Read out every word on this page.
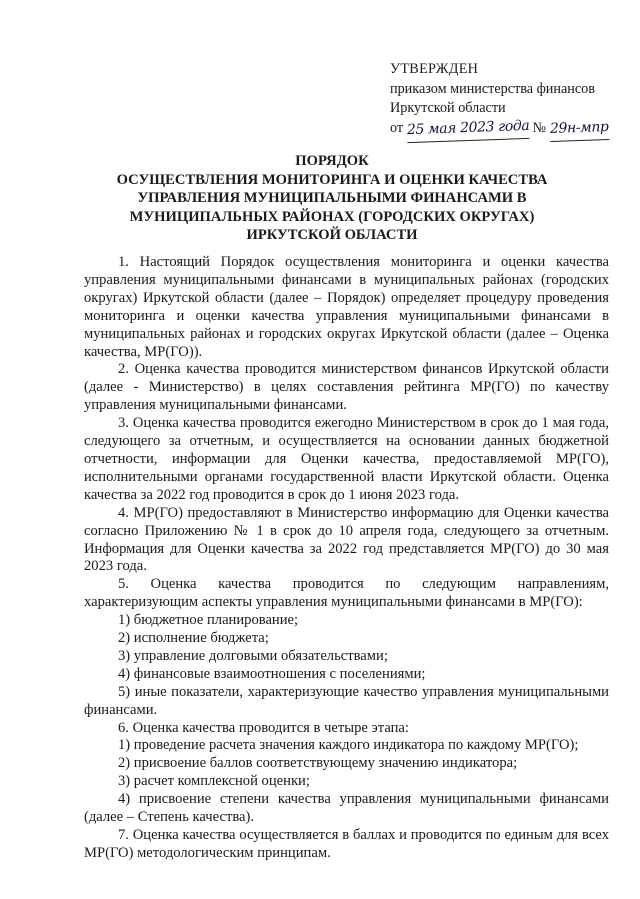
УТВЕРЖДЕН
приказом министерства финансов
Иркутской области
от 25 мая 2023 года № 29н-мпр
ПОРЯДОК
ОСУЩЕСТВЛЕНИЯ МОНИТОРИНГА И ОЦЕНКИ КАЧЕСТВА
УПРАВЛЕНИЯ МУНИЦИПАЛЬНЫМИ ФИНАНСАМИ В
МУНИЦИПАЛЬНЫХ РАЙОНАХ (ГОРОДСКИХ ОКРУГАХ)
ИРКУТСКОЙ ОБЛАСТИ

1. Настоящий Порядок осуществления мониторинга и оценки качества управления муниципальными финансами в муниципальных районах (городских округах) Иркутской области (далее – Порядок) определяет процедуру проведения мониторинга и оценки качества управления муниципальными финансами в муниципальных районах и городских округах Иркутской области (далее – Оценка качества, МР(ГО)).

2. Оценка качества проводится министерством финансов Иркутской области (далее - Министерство) в целях составления рейтинга МР(ГО) по качеству управления муниципальными финансами.

3. Оценка качества проводится ежегодно Министерством в срок до 1 мая года, следующего за отчетным, и осуществляется на основании данных бюджетной отчетности, информации для Оценки качества, предоставляемой МР(ГО), исполнительными органами государственной власти Иркутской области. Оценка качества за 2022 год проводится в срок до 1 июня 2023 года.

4. МР(ГО) предоставляют в Министерство информацию для Оценки качества согласно Приложению № 1 в срок до 10 апреля года, следующего за отчетным. Информация для Оценки качества за 2022 год представляется МР(ГО) до 30 мая 2023 года.

5. Оценка качества проводится по следующим направлениям, характеризующим аспекты управления муниципальными финансами в МР(ГО):

1) бюджетное планирование;

2) исполнение бюджета;

3) управление долговыми обязательствами;

4) финансовые взаимоотношения с поселениями;

5) иные показатели, характеризующие качество управления муниципальными финансами.

6. Оценка качества проводится в четыре этапа:

1) проведение расчета значения каждого индикатора по каждому МР(ГО);

2) присвоение баллов соответствующему значению индикатора;

3) расчет комплексной оценки;

4) присвоение степени качества управления муниципальными финансами (далее – Степень качества).

7. Оценка качества осуществляется в баллах и проводится по единым для всех МР(ГО) методологическим принципам.
